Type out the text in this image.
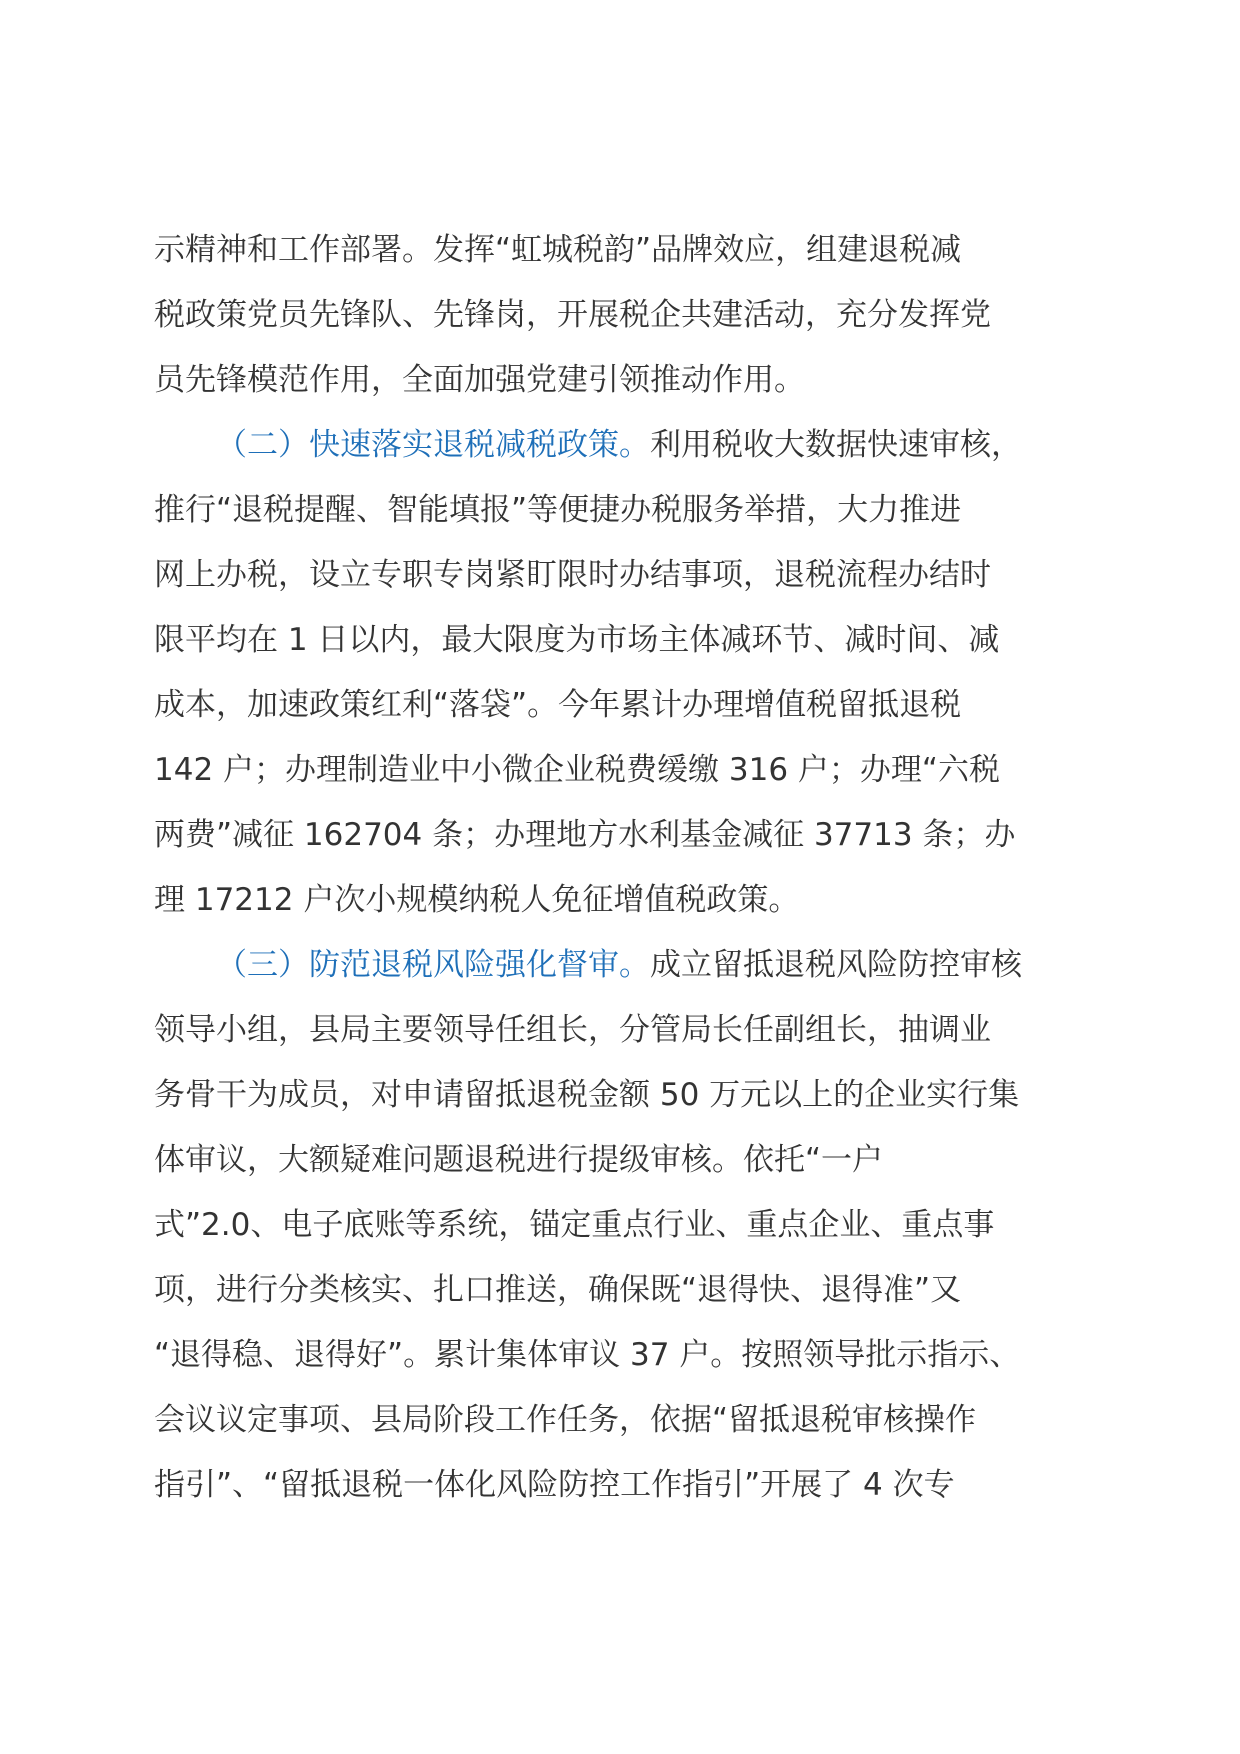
示精神和工作部署。发挥“虹城税韵”品牌效应，组建退税减
税政策党员先锋队、先锋岗，开展税企共建活动，充分发挥党
员先锋模范作用，全面加强党建引领推动作用。
（二）快速落实退税减税政策。利用税收大数据快速审核，
推行“退税提醒、智能填报”等便捷办税服务举措，大力推进
网上办税，设立专职专岗紧盯限时办结事项，退税流程办结时
限平均在 1 日以内，最大限度为市场主体减环节、减时间、减
成本，加速政策红利“落袋”。今年累计办理增值税留抵退税
142 户；办理制造业中小微企业税费缓缴 316 户；办理“六税
两费”减征 162704 条；办理地方水利基金减征 37713 条；办
理 17212 户次小规模纳税人免征增值税政策。
（三）防范退税风险强化督审。成立留抵退税风险防控审核
领导小组，县局主要领导任组长，分管局长任副组长，抽调业
务骨干为成员，对申请留抵退税金额 50 万元以上的企业实行集
体审议，大额疑难问题退税进行提级审核。依托“一户
式”2.0、电子底账等系统，锚定重点行业、重点企业、重点事
项，进行分类核实、扎口推送，确保既“退得快、退得准”又
“退得稳、退得好”。累计集体审议 37 户。按照领导批示指示、
会议议定事项、县局阶段工作任务，依据“留抵退税审核操作
指引”、“留抵退税一体化风险防控工作指引”开展了 4 次专
